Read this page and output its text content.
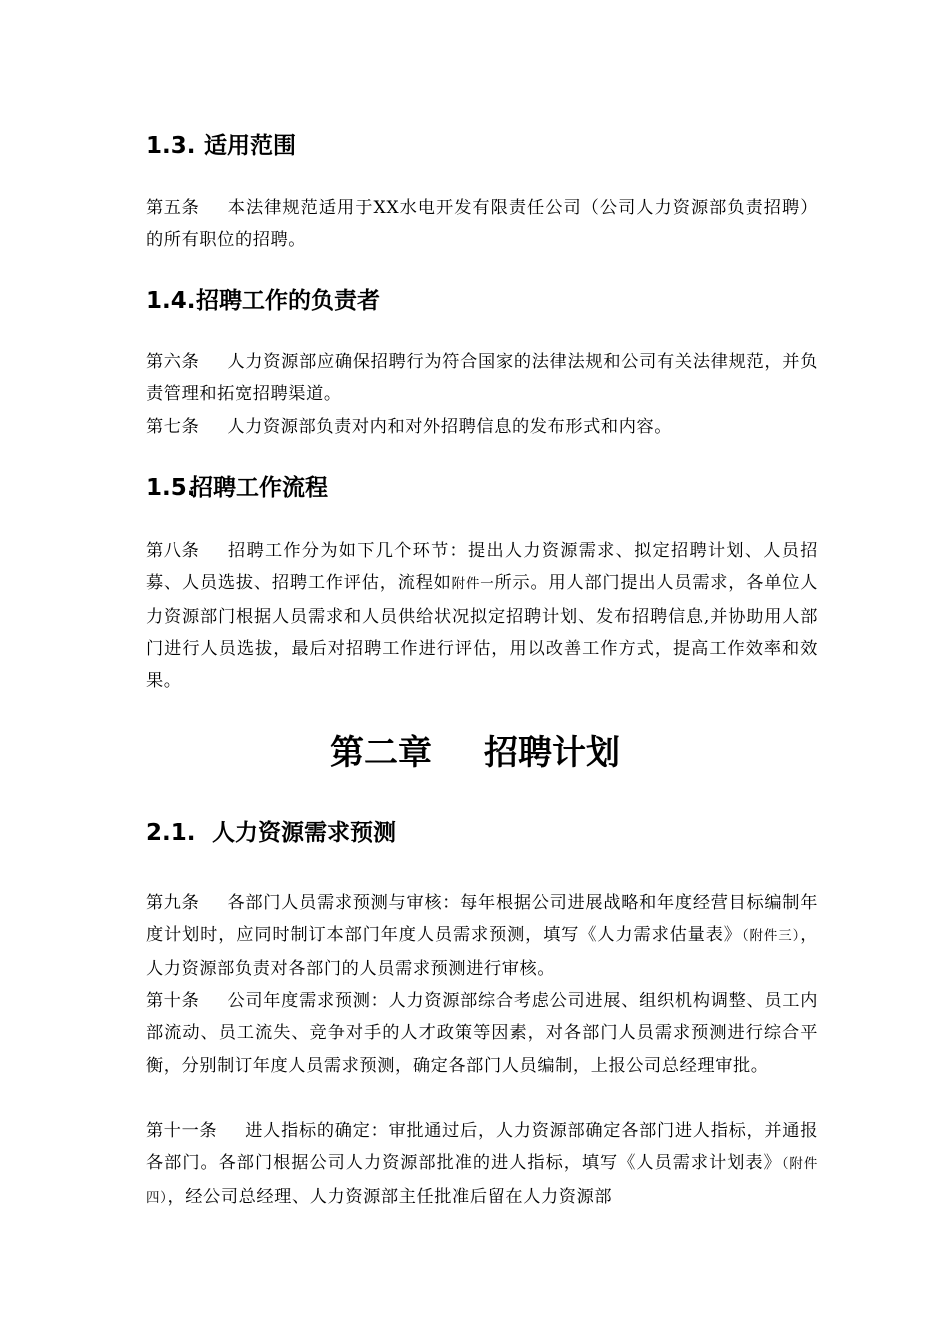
1.3. 适用范围

第五条 本法律规范适用于XX水电开发有限责任公司（公司人力资源部负责招聘）的所有职位的招聘。

1.4.招聘工作的负责者

第六条 人力资源部应确保招聘行为符合国家的法律法规和公司有关法律规范，并负责管理和拓宽招聘渠道。

第七条 人力资源部负责对内和对外招聘信息的发布形式和内容。

1.5.招聘工作流程

第八条 招聘工作分为如下几个环节：提出人力资源需求、拟定招聘计划、人员招募、人员选拔、招聘工作评估，流程如附件一所示。用人部门提出人员需求，各单位人力资源部门根据人员需求和人员供给状况拟定招聘计划、发布招聘信息,并协助用人部门进行人员选拔，最后对招聘工作进行评估，用以改善工作方式，提高工作效率和效果。

第二章 招聘计划
2.1. 人力资源需求预测

第九条 各部门人员需求预测与审核：每年根据公司进展战略和年度经营目标编制年度计划时，应同时制订本部门年度人员需求预测，填写《人力需求估量表》（附件三），人力资源部负责对各部门的人员需求预测进行审核。

第十条 公司年度需求预测：人力资源部综合考虑公司进展、组织机构调整、员工内部流动、员工流失、竞争对手的人才政策等因素，对各部门人员需求预测进行综合平衡，分别制订年度人员需求预测，确定各部门人员编制，上报公司总经理审批。

第十一条 进人指标的确定：审批通过后，人力资源部确定各部门进人指标，并通报各部门。各部门根据公司人力资源部批准的进人指标，填写《人员需求计划表》（附件四），经公司总经理、人力资源部主任批准后留在人力资源部
